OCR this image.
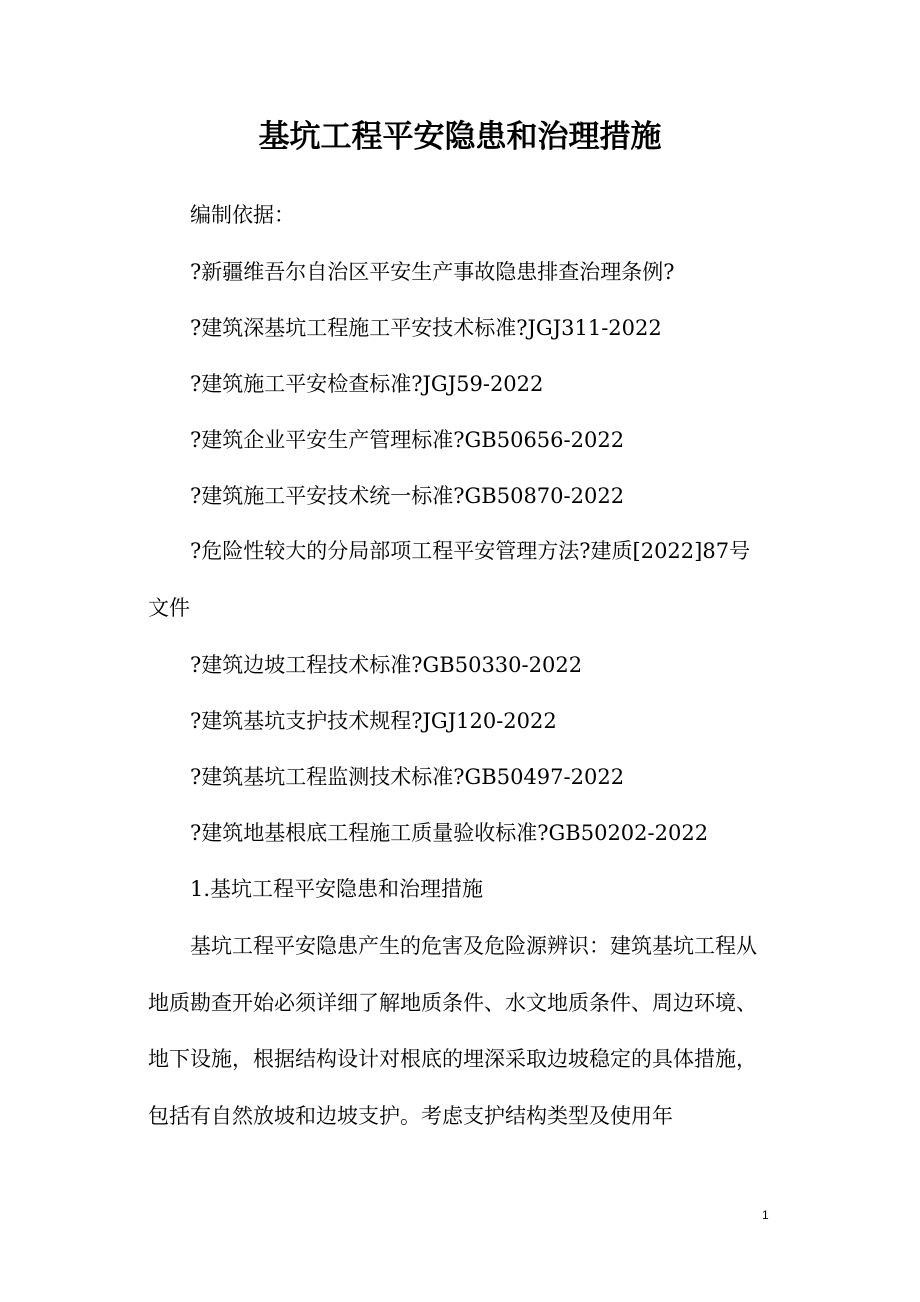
基坑工程平安隐患和治理措施
编制依据：
?新疆维吾尔自治区平安生产事故隐患排查治理条例?
?建筑深基坑工程施工平安技术标准?JGJ311-2022
?建筑施工平安检查标准?JGJ59-2022
?建筑企业平安生产管理标准?GB50656-2022
?建筑施工平安技术统一标准?GB50870-2022
?危险性较大的分局部项工程平安管理方法?建质[2022]87号文件
?建筑边坡工程技术标准?GB50330-2022
?建筑基坑支护技术规程?JGJ120-2022
?建筑基坑工程监测技术标准?GB50497-2022
?建筑地基根底工程施工质量验收标准?GB50202-2022
1.基坑工程平安隐患和治理措施
基坑工程平安隐患产生的危害及危险源辨识：建筑基坑工程从地质勘查开始必须详细了解地质条件、水文地质条件、周边环境、地下设施，根据结构设计对根底的埋深采取边坡稳定的具体措施，包括有自然放坡和边坡支护。考虑支护结构类型及使用年
1
